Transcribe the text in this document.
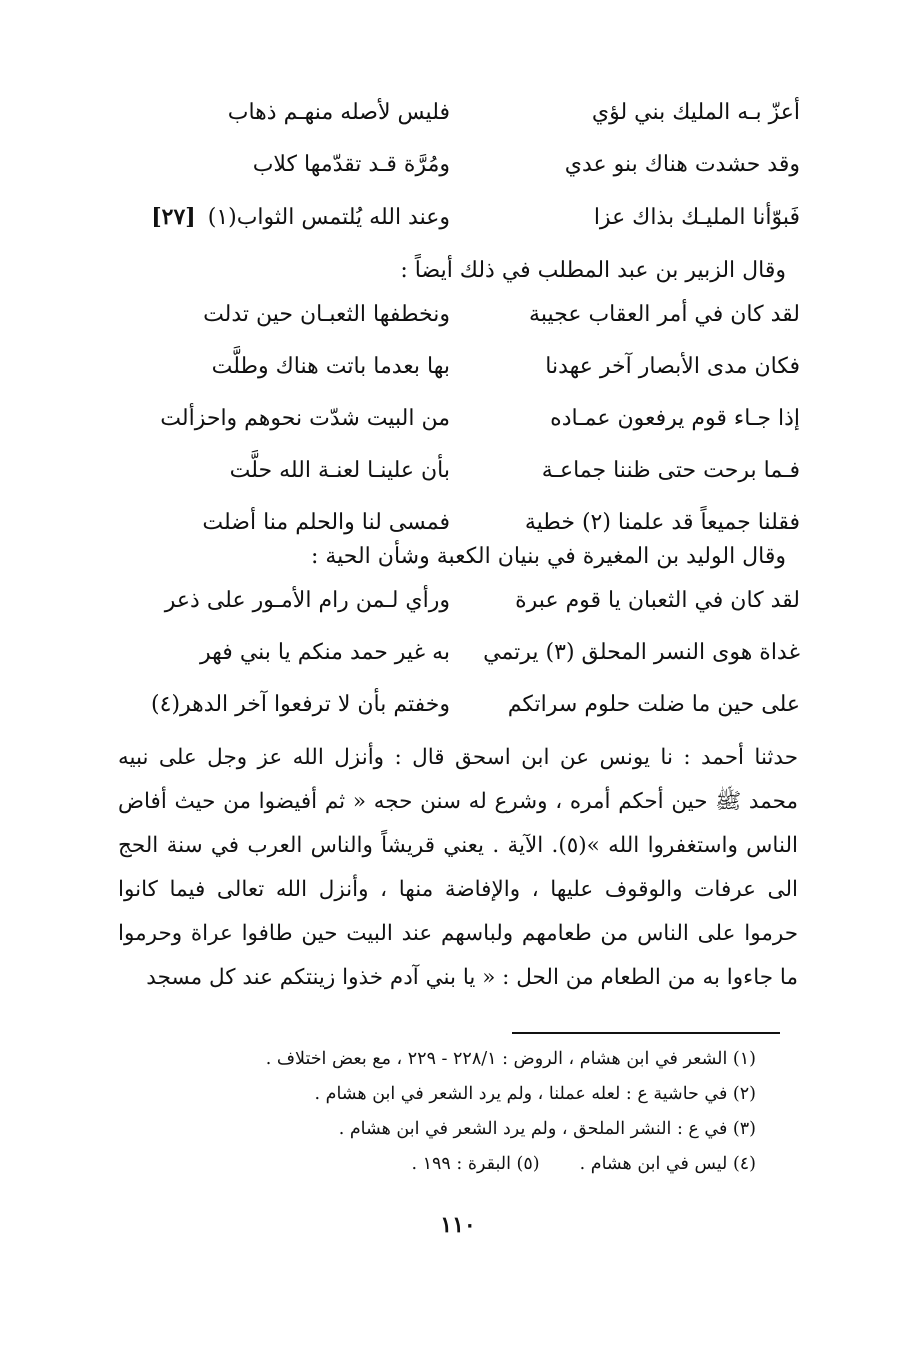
أعزّ بـه المليك بني لؤي
فليس لأصله منهـم ذهاب
وقد حشدت هناك بنو عدي
ومُرَّة قـد تقدّمها كلاب
فَبوّأنا المليـك بذاك عزا
وعند الله يُلتمس الثواب(١)[٢٧]
وقال الزبير بن عبد المطلب في ذلك أيضاً :
لقد كان في أمر العقاب عجيبة
ونخطفها الثعبـان حين تدلت
فكان مدى الأبصار آخر عهدنا
بها بعدما باتت هناك وطلَّت
إذا جـاء قوم يرفعون عمـاده
من البيت شدّت نحوهم واحزألت
فـما برحت حتى ظننا جماعـة
بأن علينـا لعنـة الله حلَّت
فقلنا جميعاً قد علمنا (٢) خطية
فمسى لنا والحلم منا أضلت
وقال الوليد بن المغيرة في بنيان الكعبة وشأن الحية :
لقد كان في الثعبان يا قوم عبرة
ورأي لـمن رام الأمـور على ذعر
غداة هوى النسر المحلق (٣) يرتمي
به غير حمد منكم يا بني فهر
على حين ما ضلت حلوم سراتكم
وخفتم بأن لا ترفعوا آخر الدهر(٤)
حدثنا أحمد : نا يونس عن ابن اسحق قال : وأنزل الله عز وجل على نبيه محمد ﷺ حين أحكم أمره ، وشرع له سنن حجه « ثم أفيضوا من حيث أفاض الناس واستغفروا الله »(٥). الآية . يعني قريشاً والناس العرب في سنة الحج الى عرفات والوقوف عليها ، والإفاضة منها ، وأنزل الله تعالى فيما كانوا حرموا على الناس من طعامهم ولباسهم عند البيت حين طافوا عراة وحرموا ما جاءوا به من الطعام من الحل : « يا بني آدم خذوا زينتكم عند كل مسجد
(١) الشعر في ابن هشام ، الروض : ٢٢٨/١ - ٢٢٩ ، مع بعض اختلاف .
(٢) في حاشية ع : لعله عملنا ، ولم يرد الشعر في ابن هشام .
(٣) في ع : النشر الملحق ، ولم يرد الشعر في ابن هشام .
(٤) ليس في ابن هشام .(٥) البقرة : ١٩٩ .
١١٠
